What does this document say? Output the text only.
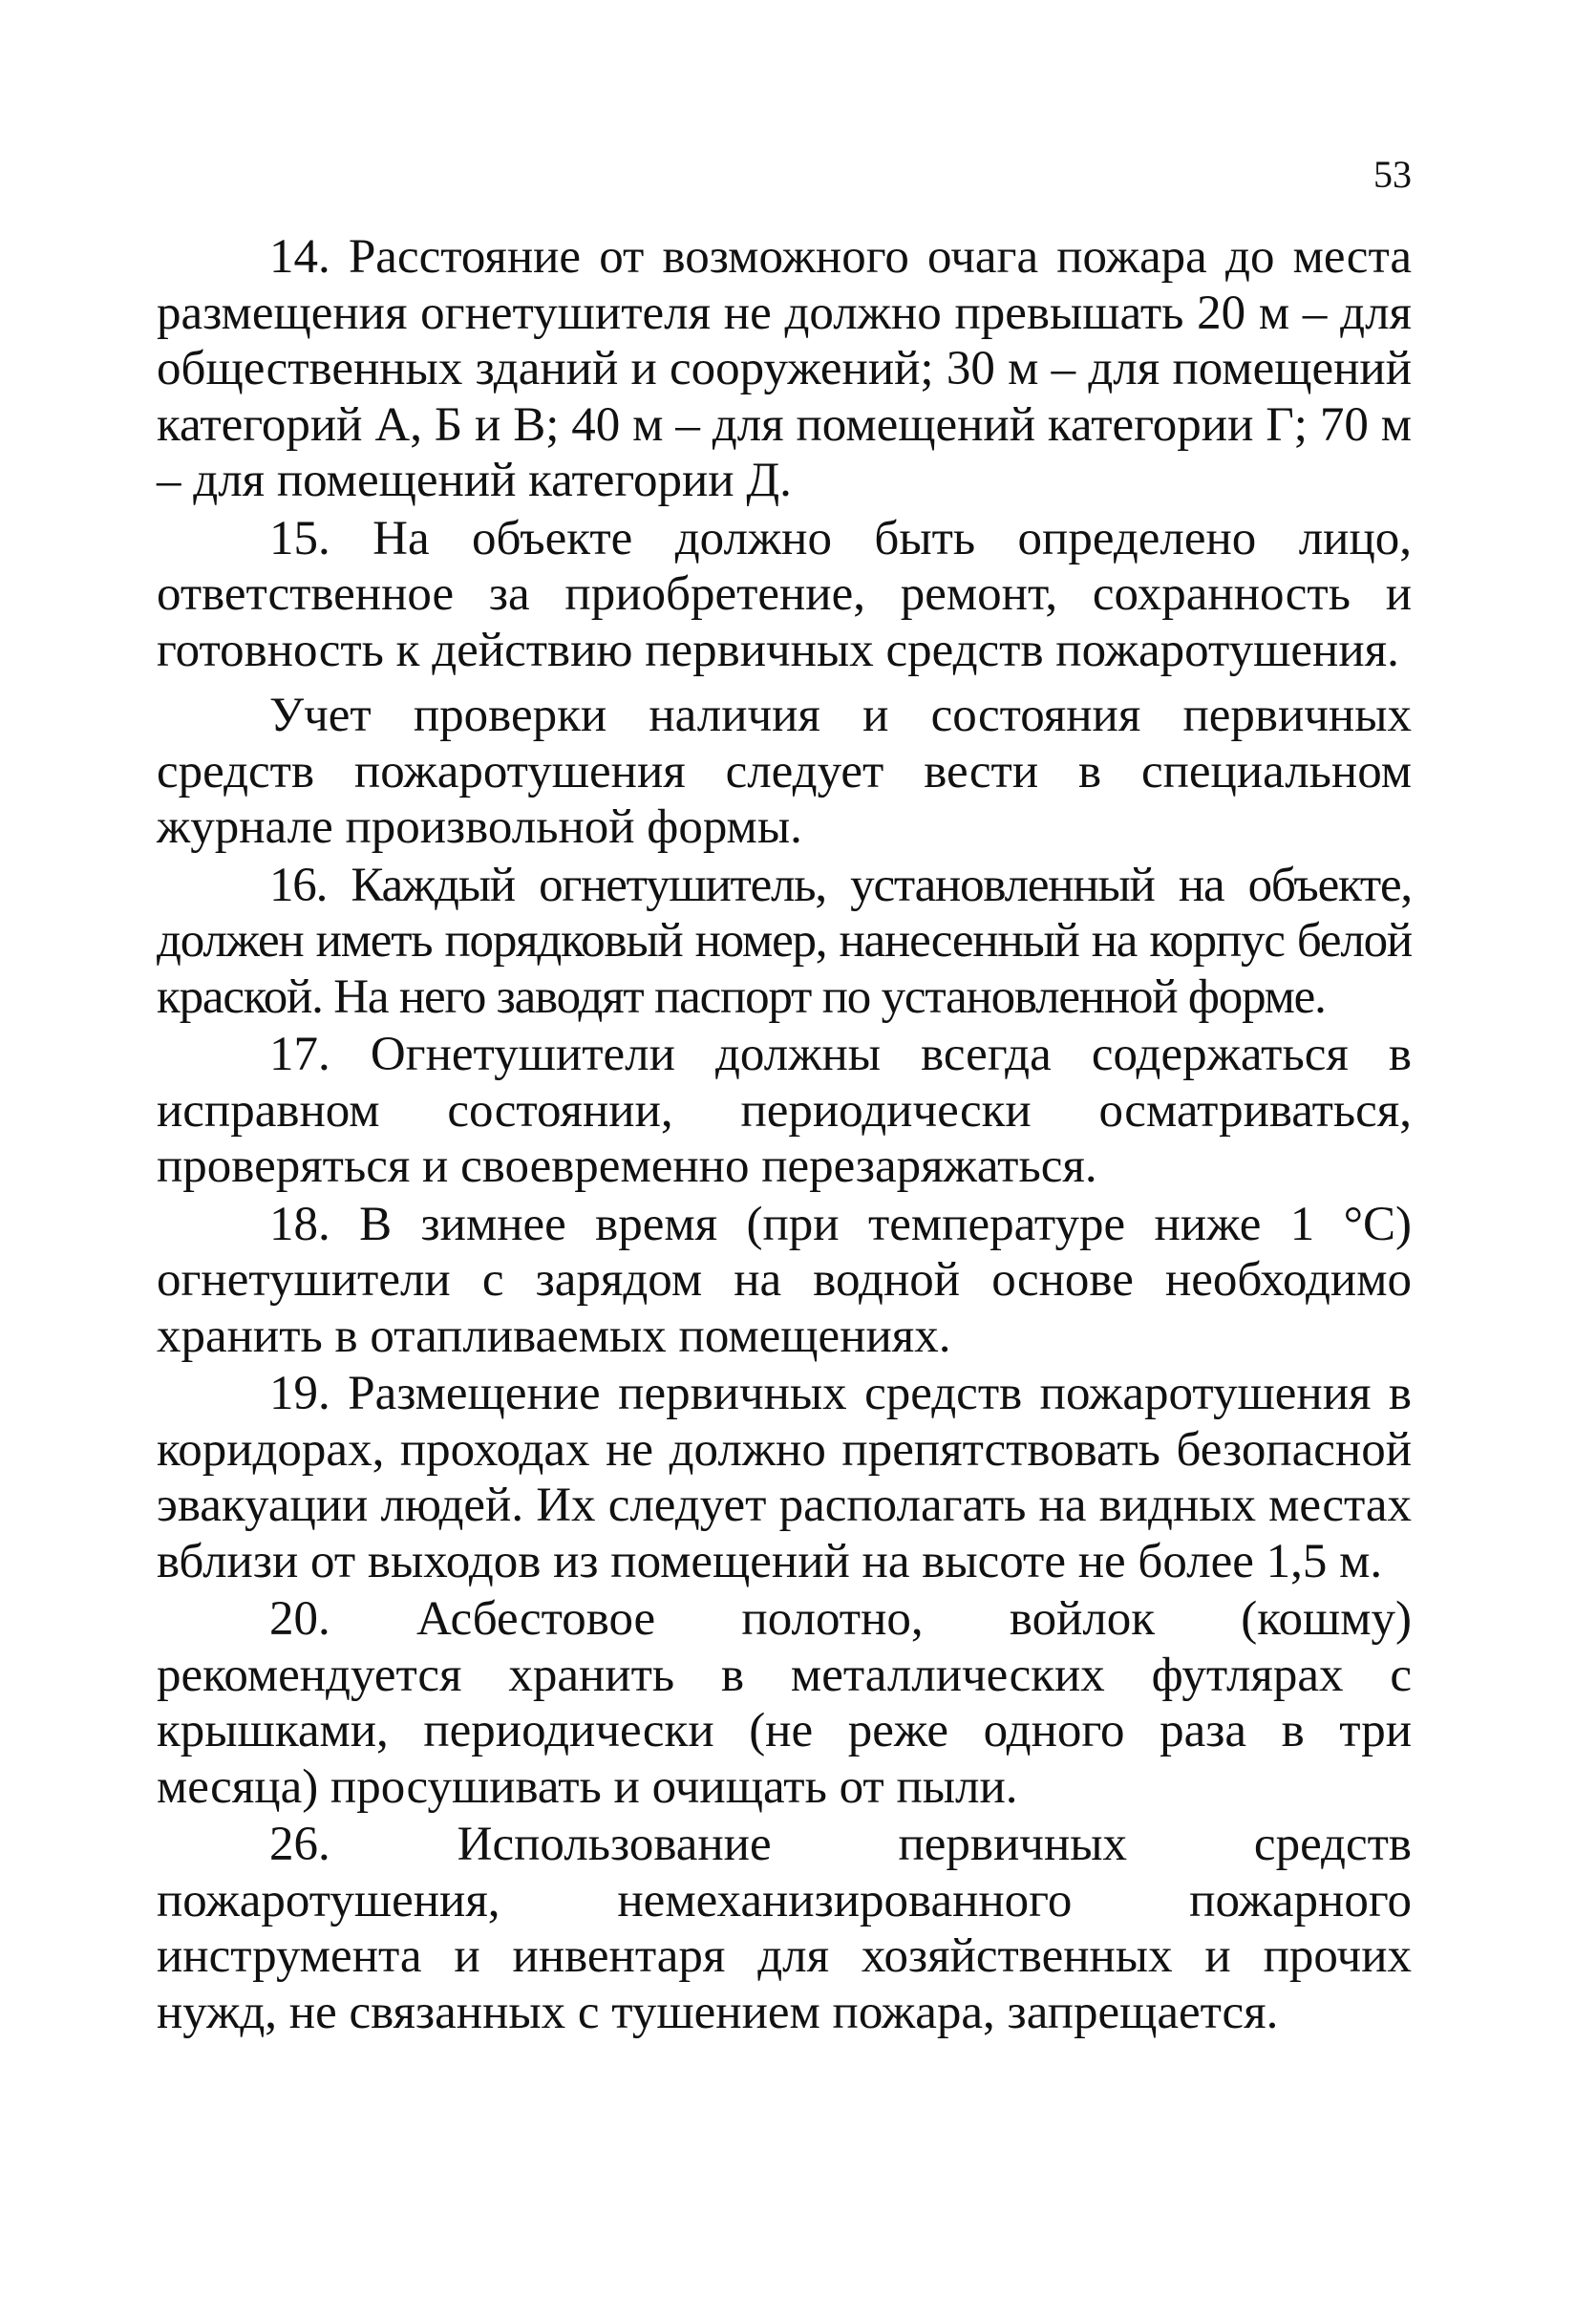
53

14. Расстояние от возможного очага пожара до места размещения огнетушителя не должно превышать 20 м – для общественных зданий и сооружений; 30 м – для помещений категорий А, Б и В; 40 м – для помещений категории Г; 70 м – для помещений категории Д.

15. На объекте должно быть определено лицо, ответственное за приобретение, ремонт, сохранность и готовность к действию первичных средств пожаротушения.

Учет проверки наличия и состояния первичных средств пожаротушения следует вести в специальном журнале произвольной формы.

16. Каждый огнетушитель, установленный на объекте, должен иметь порядковый номер, нанесенный на корпус белой краской. На него заводят паспорт по установленной форме.

17. Огнетушители должны всегда содержаться в исправном состоянии, периодически осматриваться, проверяться и своевременно перезаряжаться.

18. В зимнее время (при температуре ниже 1 °С) огнетушители с зарядом на водной основе необходимо хранить в отапливаемых помещениях.

19. Размещение первичных средств пожаротушения в коридорах, проходах не должно препятствовать безопасной эвакуации людей. Их следует располагать на видных местах вблизи от выходов из помещений на высоте не более 1,5 м.

20. Асбестовое полотно, войлок (кошму) рекомендуется хранить в металлических футлярах с крышками, периодически (не реже одного раза в три месяца) просушивать и очищать от пыли.

26. Использование первичных средств пожаротушения, немеханизированного пожарного инструмента и инвентаря для хозяйственных и прочих нужд, не связанных с тушением пожара, запрещается.
